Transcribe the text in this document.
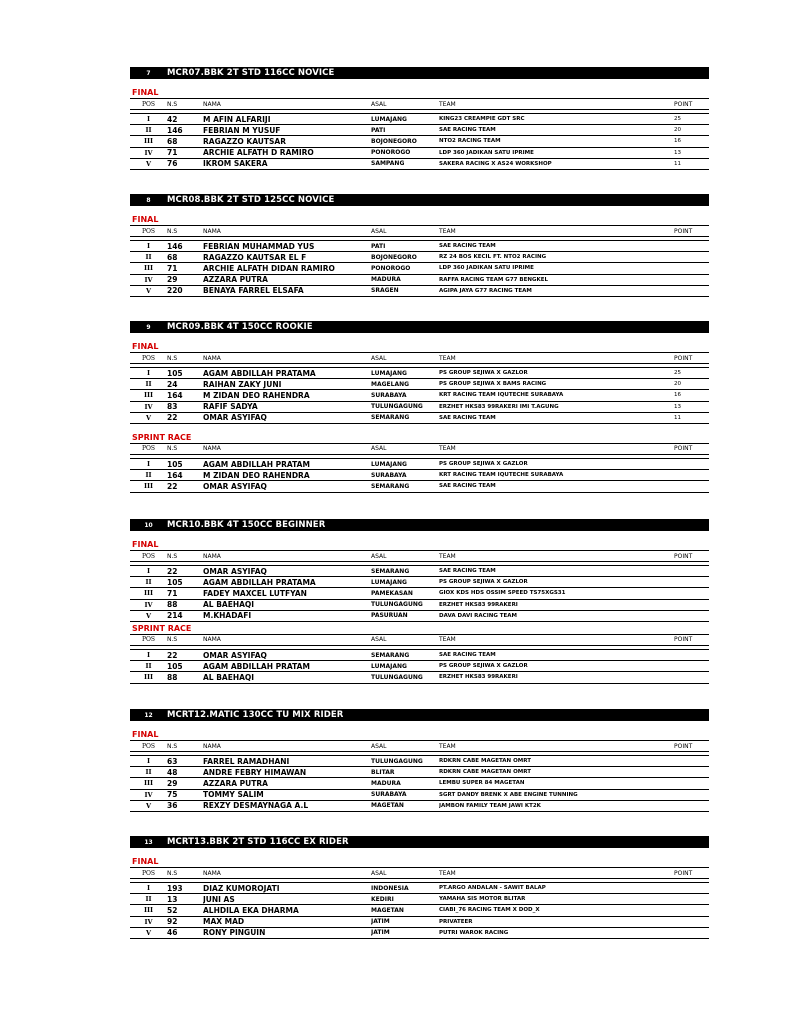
7	MCR07.BBK 2T STD 116CC NOVICE
FINAL
POS	N.S	NAMA	ASAL	TEAM	POINT

I	42	M AFIN ALFARIJI	LUMAJANG	KING23 CREAMPIE GDT SRC	25
II	146	FEBRIAN M YUSUF	PATI	SAE RACING TEAM	20
III	68	RAGAZZO KAUTSAR	BOJONEGORO	NTO2 RACING TEAM	16
IV	71	ARCHIE ALFATH D RAMIRO	PONOROGO	LDP 360 JADIKAN SATU IPRIME	13
V	76	IKROM SAKERA	SAMPANG	SAKERA RACING X AS24 WORKSHOP	11
8	MCR08.BBK 2T STD 125CC NOVICE
FINAL
POS	N.S	NAMA	ASAL	TEAM	POINT

I	146	FEBRIAN MUHAMMAD YUS	PATI	SAE RACING TEAM	
II	68	RAGAZZO KAUTSAR EL F	BOJONEGORO	RZ 24 BOS KECIL FT. NTO2 RACING	
III	71	ARCHIE ALFATH DIDAN RAMIRO	PONOROGO	LDP 360 JADIKAN SATU IPRIME	
IV	29	AZZARA PUTRA	MADURA	RAFFA RACING TEAM G77 BENGKEL	
V	220	BENAYA FARREL ELSAFA	SRAGEN	AGIPA JAYA G77 RACING TEAM	
9	MCR09.BBK 4T 150CC ROOKIE
FINAL
POS	N.S	NAMA	ASAL	TEAM	POINT

I	105	AGAM ABDILLAH PRATAMA	LUMAJANG	PS GROUP SEJIWA X GAZLOR	25
II	24	RAIHAN ZAKY JUNI	MAGELANG	PS GROUP SEJIWA X BAMS RACING	20
III	164	M ZIDAN DEO RAHENDRA	SURABAYA	KRT RACING TEAM IQUTECHE SURABAYA	16
IV	83	RAFIF SADYA	TULUNGAGUNG	ERZHET HKS83 99RAKERI IMI T.AGUNG	13
V	22	OMAR ASYIFAQ	SEMARANG	SAE RACING TEAM	11
SPRINT RACE
POS	N.S	NAMA	ASAL	TEAM	POINT

I	105	AGAM ABDILLAH PRATAM	LUMAJANG	PS GROUP SEJIWA X GAZLOR	
II	164	M ZIDAN DEO RAHENDRA	SURABAYA	KRT RACING TEAM IQUTECHE SURABAYA	
III	22	OMAR ASYIFAQ	SEMARANG	SAE RACING TEAM	
10	MCR10.BBK 4T 150CC BEGINNER
FINAL
POS	N.S	NAMA	ASAL	TEAM	POINT

I	22	OMAR ASYIFAQ	SEMARANG	SAE RACING TEAM	
II	105	AGAM ABDILLAH PRATAMA	LUMAJANG	PS GROUP SEJIWA X GAZLOR	
III	71	FADEY MAXCEL LUTFYAN	PAMEKASAN	GIOX KDS HDS OSSIM SPEED TS75XGS31	
IV	88	AL BAEHAQI	TULUNGAGUNG	ERZHET HKS83 99RAKERI	
V	214	M.KHADAFI	PASURUAN	DAVA DAVI RACING TEAM	
SPRINT RACE
POS	N.S	NAMA	ASAL	TEAM	POINT

I	22	OMAR ASYIFAQ	SEMARANG	SAE RACING TEAM	
II	105	AGAM ABDILLAH PRATAM	LUMAJANG	PS GROUP SEJIWA X GAZLOR	
III	88	AL BAEHAQI	TULUNGAGUNG	ERZHET HKS83 99RAKERI	
12	MCRT12.MATIC 130CC TU MIX RIDER
FINAL
POS	N.S	NAMA	ASAL	TEAM	POINT

I	63	FARREL RAMADHANI	TULUNGAGUNG	RDKRN CABE MAGETAN OMRT	
II	48	ANDRE FEBRY HIMAWAN	BLITAR	RDKRN CABE MAGETAN OMRT	
III	29	AZZARA PUTRA	MADURA	LEMBU SUPER 84 MAGETAN	
IV	75	TOMMY SALIM	SURABAYA	SGRT DANDY BRENK X ABE ENGINE TUNNING	
V	36	REXZY DESMAYNAGA A.L	MAGETAN	JAMBON FAMILY TEAM JAWI KT2K	
13	MCRT13.BBK 2T STD 116CC EX RIDER
FINAL
POS	N.S	NAMA	ASAL	TEAM	POINT

I	193	DIAZ KUMOROJATI	INDONESIA	PT.ARGO ANDALAN - SAWIT BALAP	
II	13	JUNI AS	KEDIRI	YAMAHA SIS MOTOR BLITAR	
III	52	ALHDILA EKA DHARMA	MAGETAN	CIABI_76 RACING TEAM X DOD_X	
IV	92	MAX MAD	JATIM	PRIVATEER	
V	46	RONY PINGUIN	JATIM	PUTRI WAROK RACING	
